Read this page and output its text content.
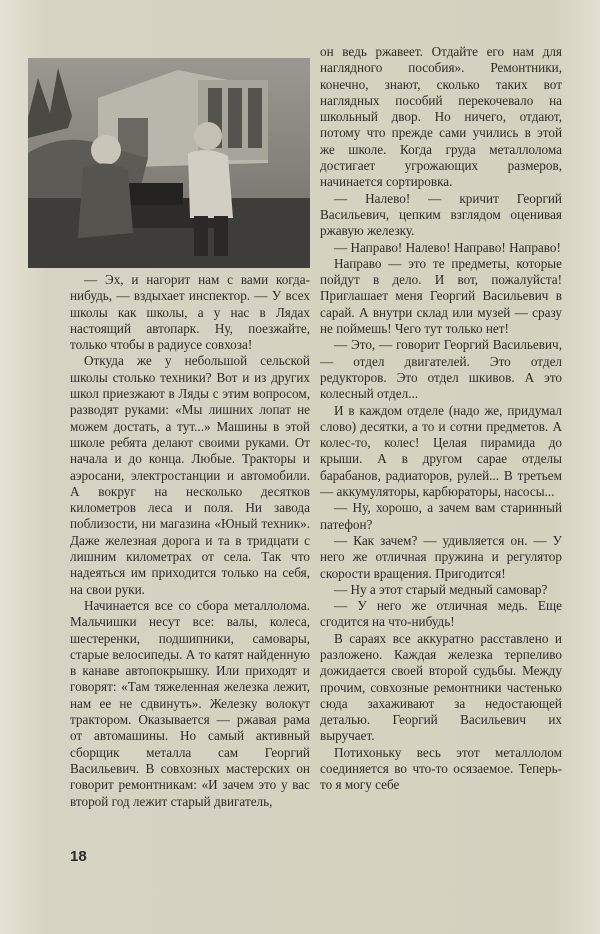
— Эх, и нагорит нам с вами когда-нибудь, — вздыхает инспектор. — У всех школы как школы, а у нас в Лядах настоящий автопарк. Ну, поезжайте, только чтобы в радиусе совхоза!

Откуда же у небольшой сельской школы столько техники? Вот и из других школ приезжают в Ляды с этим вопросом, разводят руками: «Мы лишних лопат не можем достать, а тут...» Машины в этой школе ребята делают своими руками. От начала и до конца. Любые. Тракторы и аэросани, электростанции и автомобили. А вокруг на несколько десятков километров леса и поля. Ни завода поблизости, ни магазина «Юный техник». Даже железная дорога и та в тридцати с лишним километрах от села. Так что надеяться им приходится только на себя, на свои руки.

Начинается все со сбора металлолома. Мальчишки несут все: валы, колеса, шестеренки, подшипники, самовары, старые велосипеды. А то катят найденную в канаве автопокрышку. Или приходят и говорят: «Там тяжеленная железка лежит, нам ее не сдвинуть». Железку волокут трактором. Оказывается — ржавая рама от автомашины. Но самый активный сборщик металла сам Георгий Васильевич. В совхозных мастерских он говорит ремонтникам: «И зачем это у вас второй год лежит старый двигатель,

он ведь ржавеет. Отдайте его нам для наглядного пособия». Ремонтники, конечно, знают, сколько таких вот наглядных пособий перекочевало на школьный двор. Но ничего, отдают, потому что прежде сами учились в этой же школе. Когда груда металлолома достигает угрожающих размеров, начинается сортировка.

— Налево! — кричит Георгий Васильевич, цепким взглядом оценивая ржавую железку.

— Направо! Налево! Направо! Направо!

Направо — это те предметы, которые пойдут в дело. И вот, пожалуйста! Приглашает меня Георгий Васильевич в сарай. А внутри склад или музей — сразу не поймешь! Чего тут только нет!

— Это, — говорит Георгий Васильевич, — отдел двигателей. Это отдел редукторов. Это отдел шкивов. А это колесный отдел...

И в каждом отделе (надо же, придумал слово) десятки, а то и сотни предметов. А колес-то, колес! Целая пирамида до крыши. А в другом сарае отделы барабанов, радиаторов, рулей... В третьем — аккумуляторы, карбюраторы, насосы...

— Ну, хорошо, а зачем вам старинный патефон?

— Как зачем? — удивляется он. — У него же отличная пружина и регулятор скорости вращения. Пригодится!

— Ну а этот старый медный самовар?

— У него же отличная медь. Еще сгодится на что-нибудь!

В сараях все аккуратно расставлено и разложено. Каждая железка терпеливо дожидается своей второй судьбы. Между прочим, совхозные ремонтники частенько сюда захаживают за недостающей деталью. Георгий Васильевич их выручает.

Потихоньку весь этот металлолом соединяется во что-то осязаемое. Теперь-то я могу себе

18
